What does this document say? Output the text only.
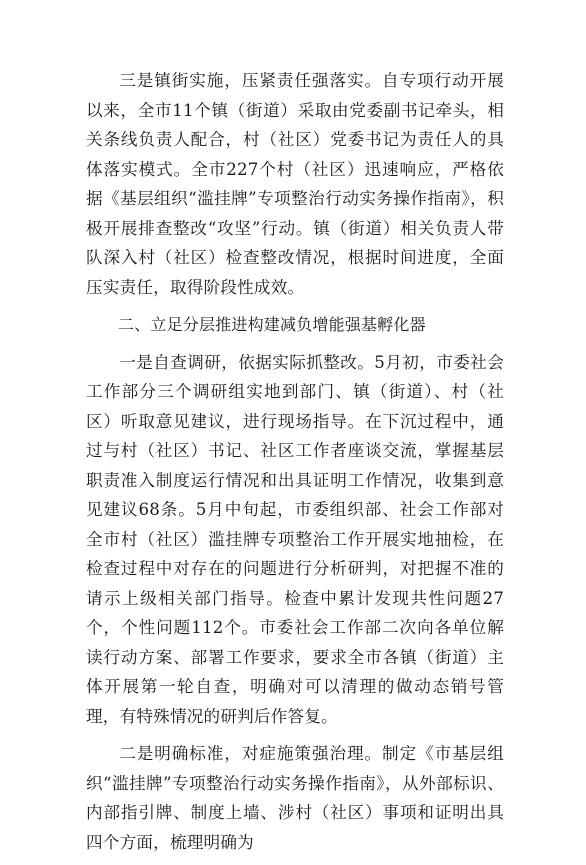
三是镇街实施，压紧责任强落实。自专项行动开展以来，全市11个镇（街道）采取由党委副书记牵头，相关条线负责人配合，村（社区）党委书记为责任人的具体落实模式。全市227个村（社区）迅速响应，严格依据《基层组织“滥挂牌”专项整治行动实务操作指南》，积极开展排查整改“攻坚”行动。镇（街道）相关负责人带队深入村（社区）检查整改情况，根据时间进度，全面压实责任，取得阶段性成效。

二、立足分层推进构建减负增能强基孵化器

一是自查调研，依据实际抓整改。5月初，市委社会工作部分三个调研组实地到部门、镇（街道）、村（社区）听取意见建议，进行现场指导。在下沉过程中，通过与村（社区）书记、社区工作者座谈交流，掌握基层职责准入制度运行情况和出具证明工作情况，收集到意见建议68条。5月中旬起，市委组织部、社会工作部对全市村（社区）滥挂牌专项整治工作开展实地抽检，在检查过程中对存在的问题进行分析研判，对把握不准的请示上级相关部门指导。检查中累计发现共性问题27个，个性问题112个。市委社会工作部二次向各单位解读行动方案、部署工作要求，要求全市各镇（街道）主体开展第一轮自查，明确对可以清理的做动态销号管理，有特殊情况的研判后作答复。

二是明确标准，对症施策强治理。制定《市基层组织“滥挂牌”专项整治行动实务操作指南》，从外部标识、内部指引牌、制度上墙、涉村（社区）事项和证明出具四个方面，梳理明确为
